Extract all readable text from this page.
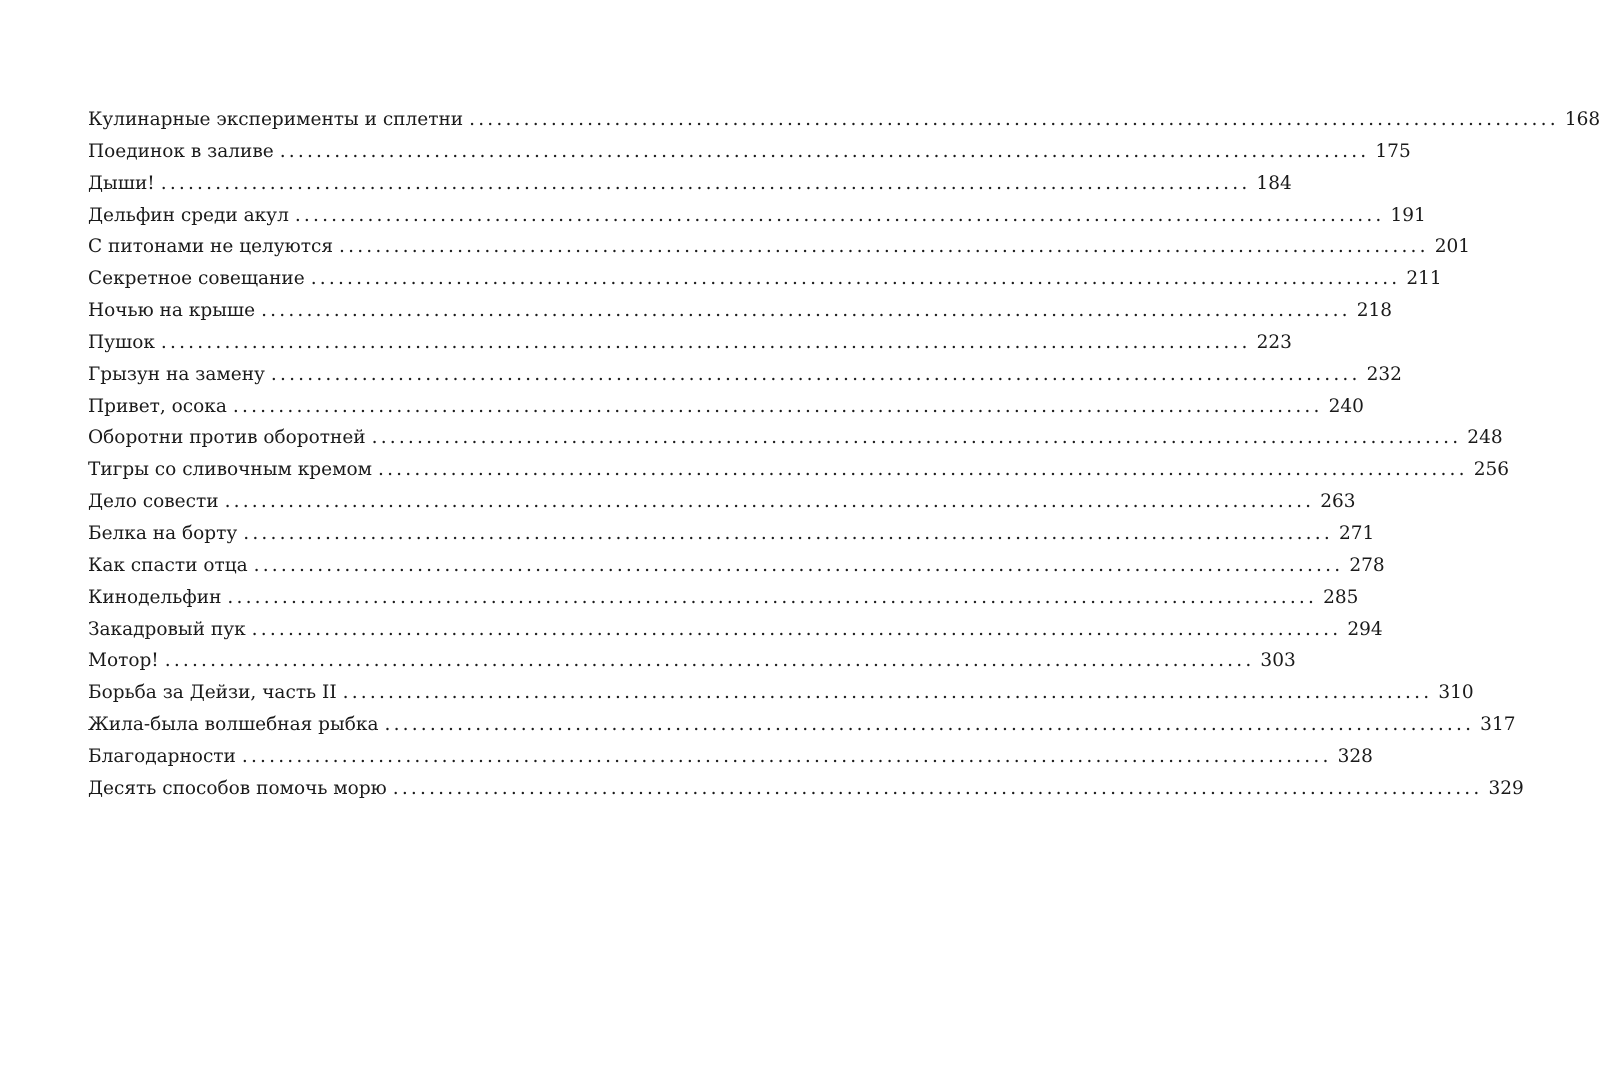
Кулинарные эксперименты и сплетни ........................................................................................................................ 168
Поединок в заливе ........................................................................................................................ 175
Дыши! ........................................................................................................................ 184
Дельфин среди акул ........................................................................................................................ 191
С питонами не целуются ........................................................................................................................ 201
Секретное совещание ........................................................................................................................ 211
Ночью на крыше ........................................................................................................................ 218
Пушок ........................................................................................................................ 223
Грызун на замену ........................................................................................................................ 232
Привет, осока ........................................................................................................................ 240
Оборотни против оборотней ........................................................................................................................ 248
Тигры со сливочным кремом ........................................................................................................................ 256
Дело совести ........................................................................................................................ 263
Белка на борту ........................................................................................................................ 271
Как спасти отца ........................................................................................................................ 278
Кинодельфин ........................................................................................................................ 285
Закадровый пук ........................................................................................................................ 294
Мотор! ........................................................................................................................ 303
Борьба за Дейзи, часть II ........................................................................................................................ 310
Жила-была волшебная рыбка ........................................................................................................................ 317
Благодарности ........................................................................................................................ 328
Десять способов помочь морю ........................................................................................................................ 329
